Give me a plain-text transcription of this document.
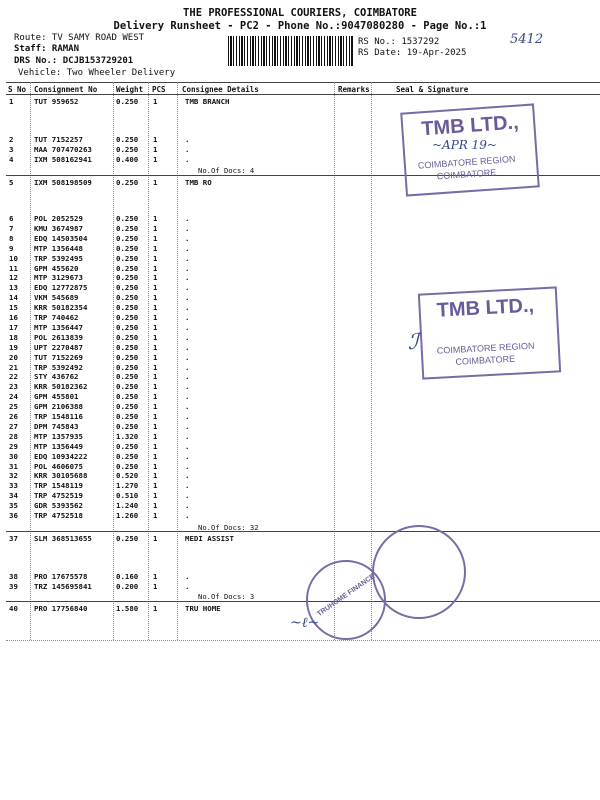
THE PROFESSIONAL COURIERS, COIMBATORE
Delivery Runsheet - PC2 - Phone No.:9047080280 - Page No.:1
Route: TV SAMY ROAD WEST
Staff: RAMAN
DRS No.: DCJB153729201
Vehicle: Two Wheeler Delivery
RS No.: 1537292
RS Date: 19-Apr-2025
5412
S No Consignment No	Weight PCS Consignee Details	Remarks	Seal & Signature
1	TUT 959652	0.250 1	TMB BRANCH
2	TUT 7152257	0.250 1	.
3	MAA 707470263	0.250 1	.
4	IXM 508162941	0.400 1	.
No.Of Docs: 4
5	IXM 508198509	0.250 1	TMB RO
6	POL 2052529	0.250 1	.
7	KMU 3674987	0.250 1	.
8	EDQ 14503504	0.250 1	.
9	MTP 1356448	0.250 1	.
10 TRP 5392495	0.250 1	.
11 GPM 455620	0.250 1	.
12 MTP 3129673	0.250 1	.
13 EDQ 12772875	0.250 1	.
14 VKM 545689	0.250 1	.
15 KRR 50182354	0.250 1	.
16 TRP 740462	0.250 1	.
17 MTP 1356447	0.250 1	.
18 POL 2613839	0.250 1	.
19 UPT 2270487	0.250 1	.
20 TUT 7152269	0.250 1	.
21 TRP 5392492	0.250 1	.
22 STY 436762	0.250 1	.
23 KRR 50182362	0.250 1	.
24 GPM 455801	0.250 1	.
25 GPM 2106388	0.250 1	.
26 TRP 1548116	0.250 1	.
27 DPM 745843	0.250 1	.
28 MTP 1357935	1.320 1	.
29 MTP 1356449	0.250 1	.
30 EDQ 10934222	0.250 1	.
31 POL 4606075	0.250 1	.
32 KRR 30105688	0.520 1	.
33 TRP 1548119	1.270 1	.
34 TRP 4752519	0.510 1	.
35 GDR 5393562	1.240 1	.
36 TRP 4752518	1.260 1	.
No.Of Docs: 32
37 SLM 368513655	0.250 1	MEDI ASSIST
38 PRO 17675578	0.160 1	.
39 TRZ 145695841	0.200 1	.
No.Of Docs: 3
40 PRO 17756840	1.580 1	TRU HOME
TMB LTD.,
COIMBATORE REGION
COIMBATORE
~APR 19~
TMB LTD.,
COIMBATORE REGION
COIMBATORE
ℐ
TRUHOME FINANCE
~ℓ~
